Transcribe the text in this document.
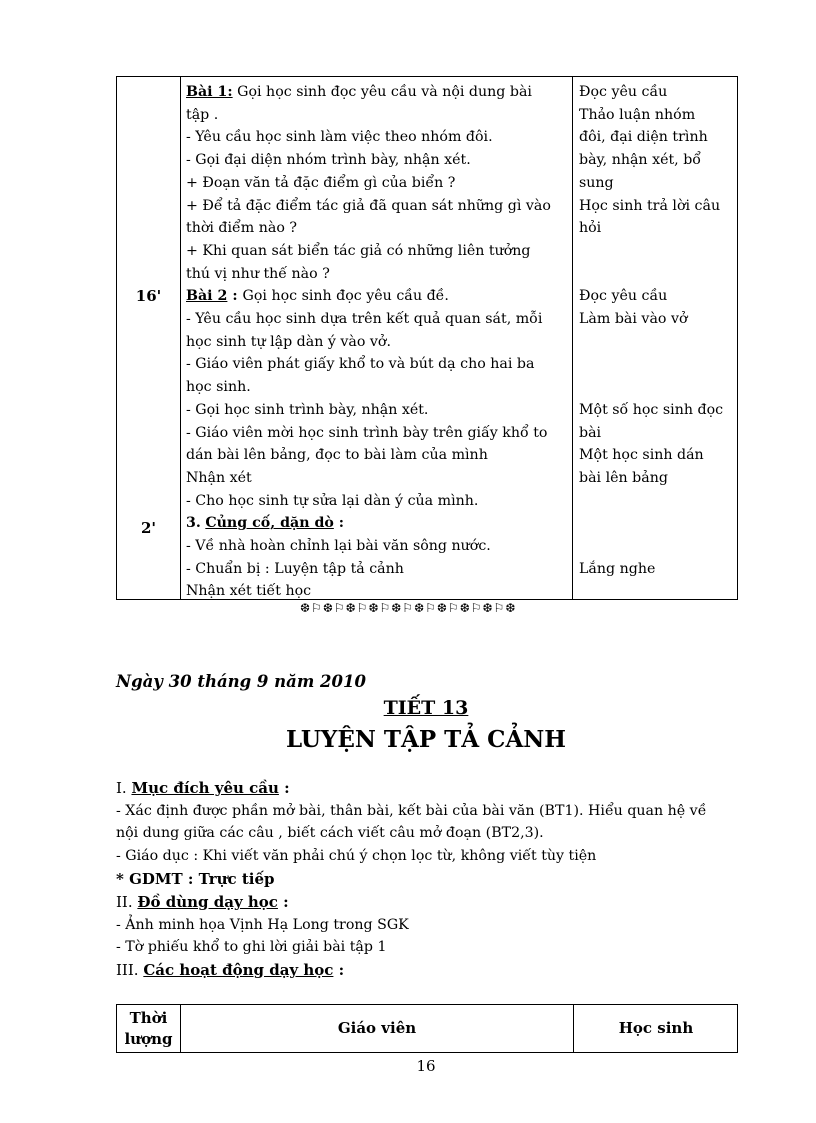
16'
2'
Bài 1: Gọi học sinh đọc yêu cầu và nội dung bài
tập .
- Yêu cầu học sinh làm việc theo nhóm đôi.
- Gọi đại diện nhóm trình bày, nhận xét.
+ Đoạn văn tả đặc điểm gì của biển ?
+ Để tả đặc điểm tác giả đã quan sát những gì vào
thời điểm nào ?
+ Khi quan sát biển tác giả có những liên tưởng
thú vị như thế nào ?
Bài 2 : Gọi học sinh đọc yêu cầu đề.
- Yêu cầu học sinh dựa trên kết quả quan sát, mỗi
học sinh tự lập dàn ý vào vở.
- Giáo viên phát giấy khổ to và bút dạ cho hai ba
học sinh.
- Gọi học sinh trình bày, nhận xét.
- Giáo viên mời học sinh trình bày trên giấy khổ to
dán bài lên bảng, đọc to bài làm của mình
Nhận xét
- Cho học sinh tự sửa lại dàn ý của mình.
3. Củng cố, dặn dò :
- Về nhà hoàn chỉnh lại bài văn sông nước.
- Chuẩn bị : Luyện tập tả cảnh
Nhận xét tiết học
Đọc yêu cầu
Thảo luận nhóm
đôi, đại diện trình
bày, nhận xét, bổ
sung
Học sinh trả lời câu
hỏi

Đọc yêu cầu
Làm bài vào vở

Một số học sinh đọc
bài
Một học sinh dán
bài lên bảng

Lắng nghe

❆⚐❆⚐❆⚐❆⚐❆⚐❆⚐❆⚐❆⚐❆⚐❆
Ngày 30 tháng 9 năm 2010
TIẾT 13
LUYỆN TẬP TẢ CẢNH
I. Mục đích yêu cầu :
- Xác định được phần mở bài, thân bài, kết bài của bài văn (BT1). Hiểu quan hệ về
nội dung giữa các câu , biết cách viết câu mở đoạn (BT2,3).
- Giáo dục : Khi viết văn phải chú ý chọn lọc từ, không viết tùy tiện
* GDMT : Trực tiếp
II. Đồ dùng dạy học :
- Ảnh minh họa Vịnh Hạ Long trong SGK
- Tờ phiếu khổ to ghi lời giải bài tập 1
III. Các hoạt động dạy học :
Thời
lượng
Giáo viên	Học sinh
16
